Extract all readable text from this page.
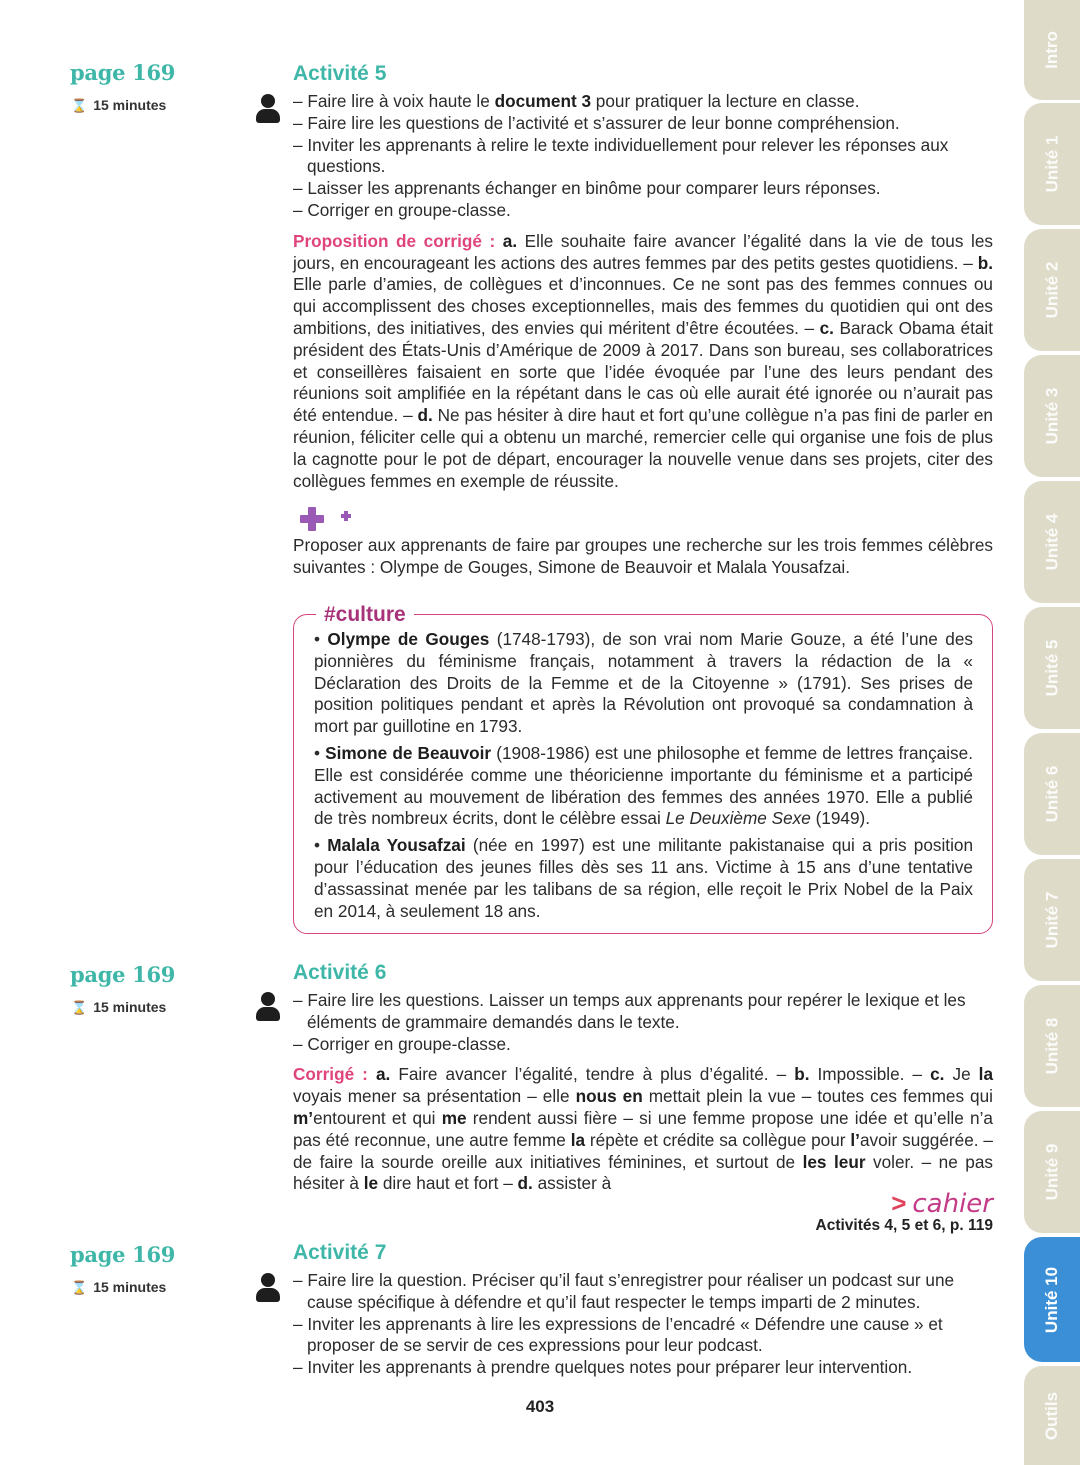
Intro
Unité 1
Unité 2
Unité 3
Unité 4
Unité 5
Unité 6
Unité 7
Unité 8
Unité 9
Unité 10
Outils
page 169
⌛ 15 minutes
Activité 5
– Faire lire à voix haute le document 3 pour pratiquer la lecture en classe.
– Faire lire les questions de l’activité et s’assurer de leur bonne compréhension.
– Inviter les apprenants à relire le texte individuellement pour relever les réponses aux questions.
– Laisser les apprenants échanger en binôme pour comparer leurs réponses.
– Corriger en groupe-classe.
Proposition de corrigé : a. Elle souhaite faire avancer l’égalité dans la vie de tous les jours, en encourageant les actions des autres femmes par des petits gestes quotidiens. – b. Elle parle d’amies, de collègues et d’inconnues. Ce ne sont pas des femmes connues ou qui accomplissent des choses exceptionnelles, mais des femmes du quotidien qui ont des ambitions, des initiatives, des envies qui méritent d’être écoutées. – c. Barack Obama était président des États-Unis d’Amérique de 2009 à 2017. Dans son bureau, ses collaboratrices et conseillères faisaient en sorte que l’idée évoquée par l’une des leurs pendant des réunions soit amplifiée en la répétant dans le cas où elle aurait été ignorée ou n’aurait pas été entendue. – d. Ne pas hésiter à dire haut et fort qu’une collègue n’a pas fini de parler en réunion, féliciter celle qui a obtenu un marché, remercier celle qui organise une fois de plus la cagnotte pour le pot de départ, encourager la nouvelle venue dans ses projets, citer des collègues femmes en exemple de réussite.
Proposer aux apprenants de faire par groupes une recherche sur les trois femmes célèbres suivantes : Olympe de Gouges, Simone de Beauvoir et Malala Yousafzai.
#culture

• Olympe de Gouges (1748-1793), de son vrai nom Marie Gouze, a été l’une des pionnières du féminisme français, notamment à travers la rédaction de la « Déclaration des Droits de la Femme et de la Citoyenne » (1791). Ses prises de position politiques pendant et après la Révolution ont provoqué sa condamnation à mort par guillotine en 1793.

• Simone de Beauvoir (1908-1986) est une philosophe et femme de lettres française. Elle est considérée comme une théoricienne importante du féminisme et a participé activement au mouvement de libération des femmes des années 1970. Elle a publié de très nombreux écrits, dont le célèbre essai Le Deuxième Sexe (1949).

• Malala Yousafzai (née en 1997) est une militante pakistanaise qui a pris position pour l’éducation des jeunes filles dès ses 11 ans. Victime à 15 ans d’une tentative d’assassinat menée par les talibans de sa région, elle reçoit le Prix Nobel de la Paix en 2014, à seulement 18 ans.

page 169
⌛ 15 minutes
Activité 6
– Faire lire les questions. Laisser un temps aux apprenants pour repérer le lexique et les éléments de grammaire demandés dans le texte.
– Corriger en groupe-classe.
Corrigé : a. Faire avancer l’égalité, tendre à plus d’égalité. – b. Impossible. – c. Je la voyais mener sa présentation – elle nous en mettait plein la vue – toutes ces femmes qui m’entourent et qui me rendent aussi fière – si une femme propose une idée et qu’elle n’a pas été reconnue, une autre femme la répète et crédite sa collègue pour l’avoir suggérée. – de faire la sourde oreille aux initiatives féminines, et surtout de les leur voler. – ne pas hésiter à le dire haut et fort – d. assister à
> cahier
Activités 4, 5 et 6, p. 119
page 169
⌛ 15 minutes
Activité 7
– Faire lire la question. Préciser qu’il faut s’enregistrer pour réaliser un podcast sur une cause spécifique à défendre et qu’il faut respecter le temps imparti de 2 minutes.
– Inviter les apprenants à lire les expressions de l’encadré « Défendre une cause » et proposer de se servir de ces expressions pour leur podcast.
– Inviter les apprenants à prendre quelques notes pour préparer leur intervention.
403
